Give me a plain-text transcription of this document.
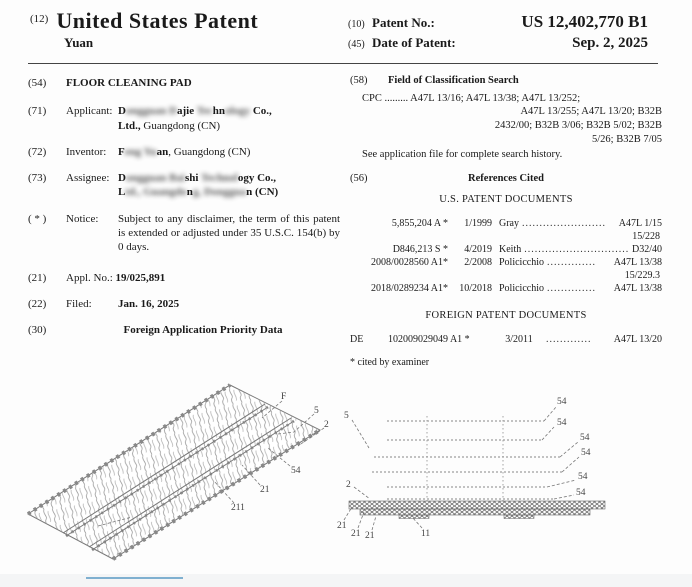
$^{(12)}$ United States Patent
Yuan
(10) Patent No.:	US 12,402,770 B1
(45) Date of Patent:	Sep. 2, 2025
(54)	FLOOR CLEANING PAD
(71)	Applicant: Dongguan Dajie Technology Co.,
Ltd., Guangdong (CN)
(72)	Inventor:	Feng Yuan, Guangdong (CN)
(73)	Assignee: Dongguan Baishi Technology Co.,
Ltd., Guangdong, Dongguan (CN)
( * )	Notice:	Subject to any disclaimer, the term of this patent is extended or adjusted under 35 U.S.C. 154(b) by 0 days.
(21)	Appl. No.: 19/025,891
(22)	Filed:	Jan. 16, 2025
(30)	Foreign Application Priority Data
(58)	Field of Classification Search
CPC ......... A47L 13/16; A47L 13/38; A47L 13/252;
A47L 13/255; A47L 13/20; B32B
2432/00; B32B 3/06; B32B 5/02; B32B
5/26; B32B 7/05
See application file for complete search history.
(56)	References Cited
U.S. PATENT DOCUMENTS
5,855,204 A *	1/1999 Gray ........................	A47L 1/15
15/228
D846,213 S *	4/2019 Keith .............................. D32/40
2008/0028560 A1*	2/2008 Policicchio ..............	A47L 13/38
15/229.3
2018/0289234 A1*	10/2018 Policicchio ..............	A47L 13/38
FOREIGN PATENT DOCUMENTS
DE	102009029049 A1 *	3/2011	.............	A47L 13/20
* cited by examiner
F
5
2
54
21
211
5
2
54
54
54
54
54
54
21
21 21	11
